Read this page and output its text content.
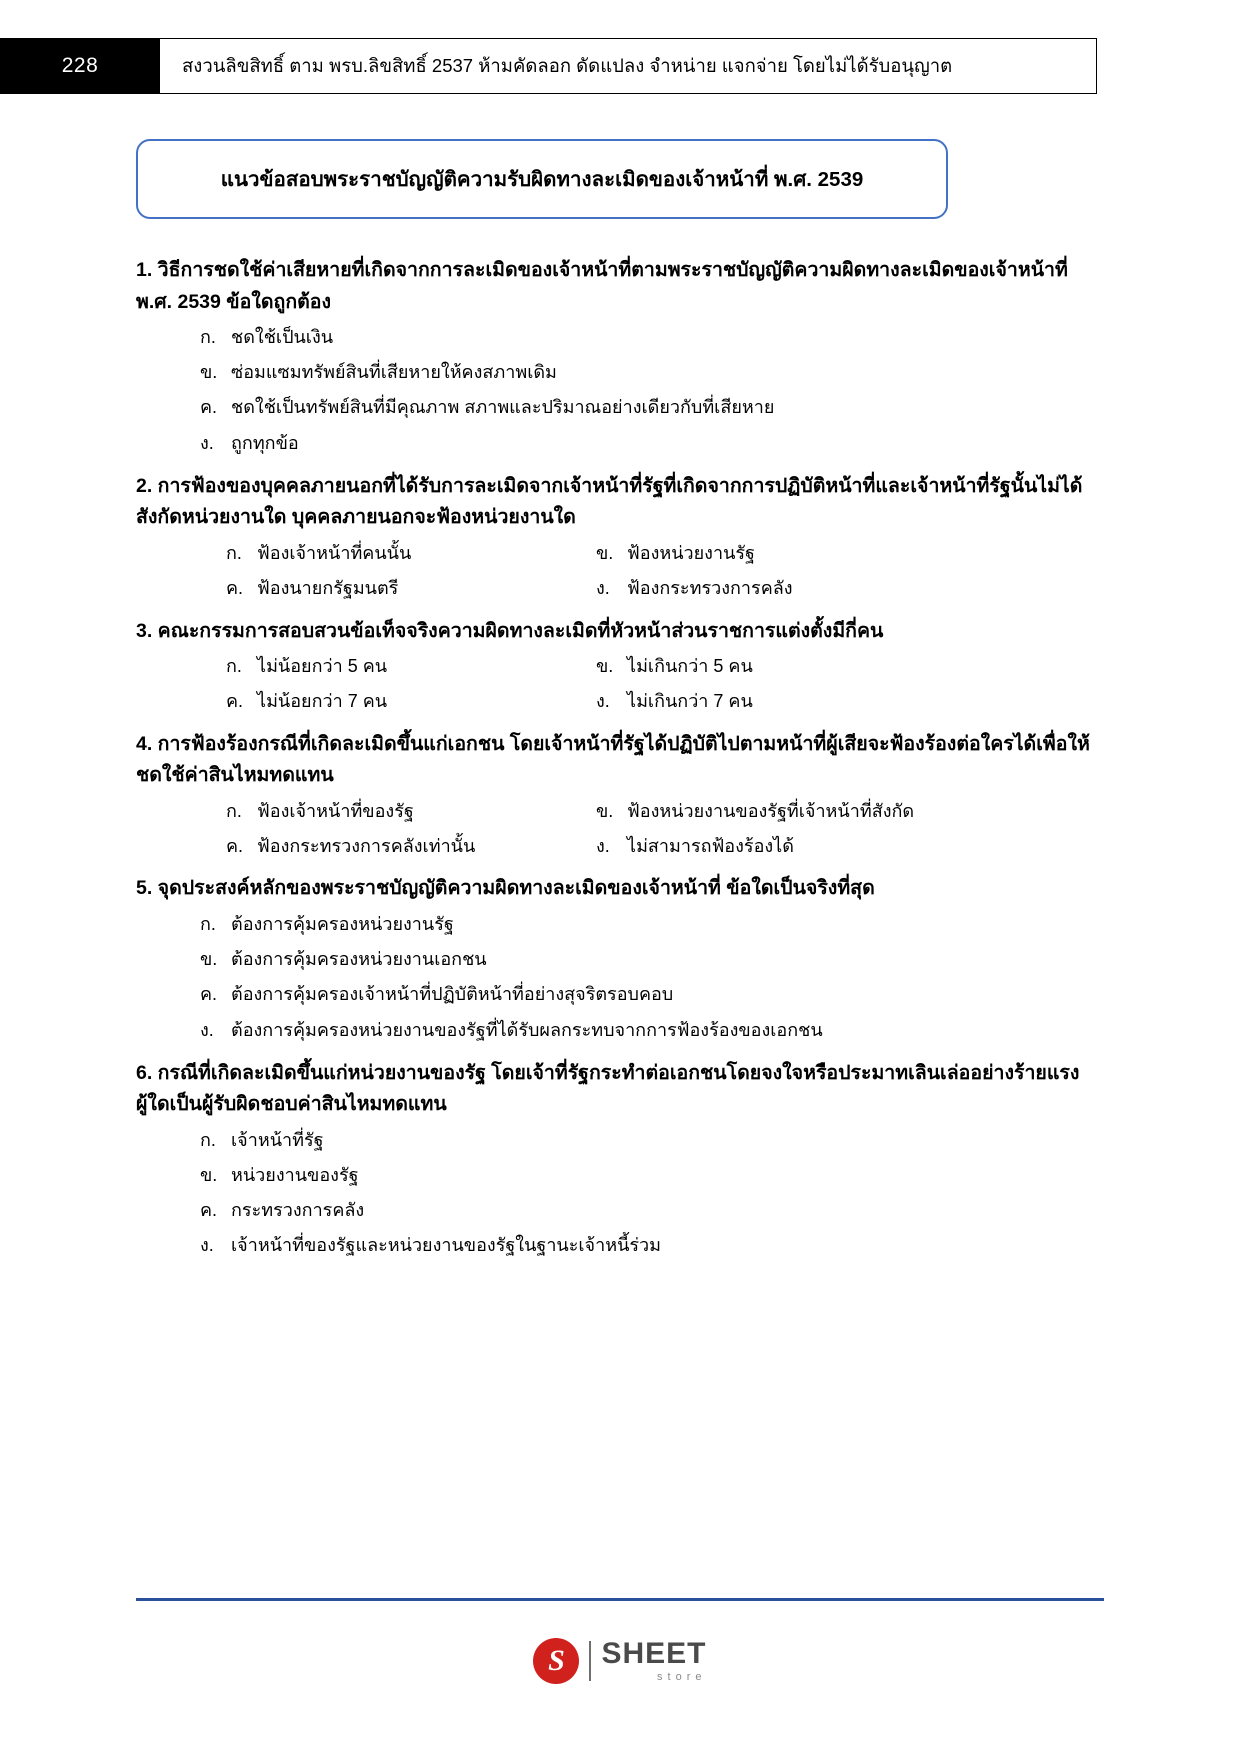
228	สงวนลิขสิทธิ์ ตาม พรบ.ลิขสิทธิ์ 2537 ห้ามคัดลอก ดัดแปลง จำหน่าย แจกจ่าย โดยไม่ได้รับอนุญาต
แนวข้อสอบพระราชบัญญัติความรับผิดทางละเมิดของเจ้าหน้าที่ พ.ศ. 2539

1. วิธีการชดใช้ค่าเสียหายที่เกิดจากการละเมิดของเจ้าหน้าที่ตามพระราชบัญญัติความผิดทางละเมิดของเจ้าหน้าที่ พ.ศ. 2539 ข้อใดถูกต้อง

ก. ชดใช้เป็นเงิน
ข. ซ่อมแซมทรัพย์สินที่เสียหายให้คงสภาพเดิม
ค. ชดใช้เป็นทรัพย์สินที่มีคุณภาพ สภาพและปริมาณอย่างเดียวกับที่เสียหาย
ง. ถูกทุกข้อ

2. การฟ้องของบุคคลภายนอกที่ได้รับการละเมิดจากเจ้าหน้าที่รัฐที่เกิดจากการปฏิบัติหน้าที่และเจ้าหน้าที่รัฐนั้นไม่ได้สังกัดหน่วยงานใด บุคคลภายนอกจะฟ้องหน่วยงานใด

ก. ฟ้องเจ้าหน้าที่คนนั้น	ข. ฟ้องหน่วยงานรัฐ
ค. ฟ้องนายกรัฐมนตรี	ง. ฟ้องกระทรวงการคลัง

3. คณะกรรมการสอบสวนข้อเท็จจริงความผิดทางละเมิดที่หัวหน้าส่วนราชการแต่งตั้งมีกี่คน

ก. ไม่น้อยกว่า 5 คน	ข. ไม่เกินกว่า 5 คน
ค. ไม่น้อยกว่า 7 คน	ง. ไม่เกินกว่า 7 คน

4. การฟ้องร้องกรณีที่เกิดละเมิดขึ้นแก่เอกชน โดยเจ้าหน้าที่รัฐได้ปฏิบัติไปตามหน้าที่ผู้เสียจะฟ้องร้องต่อใครได้เพื่อให้ชดใช้ค่าสินไหมทดแทน

ก. ฟ้องเจ้าหน้าที่ของรัฐ	ข. ฟ้องหน่วยงานของรัฐที่เจ้าหน้าที่สังกัด
ค. ฟ้องกระทรวงการคลังเท่านั้น	ง. ไม่สามารถฟ้องร้องได้

5. จุดประสงค์หลักของพระราชบัญญัติความผิดทางละเมิดของเจ้าหน้าที่ ข้อใดเป็นจริงที่สุด

ก. ต้องการคุ้มครองหน่วยงานรัฐ
ข. ต้องการคุ้มครองหน่วยงานเอกชน
ค. ต้องการคุ้มครองเจ้าหน้าที่ปฏิบัติหน้าที่อย่างสุจริตรอบคอบ
ง. ต้องการคุ้มครองหน่วยงานของรัฐที่ได้รับผลกระทบจากการฟ้องร้องของเอกชน

6. กรณีที่เกิดละเมิดขึ้นแก่หน่วยงานของรัฐ โดยเจ้าที่รัฐกระทำต่อเอกชนโดยจงใจหรือประมาทเลินเล่ออย่างร้ายแรง ผู้ใดเป็นผู้รับผิดชอบค่าสินไหมทดแทน

ก. เจ้าหน้าที่รัฐ
ข. หน่วยงานของรัฐ
ค. กระทรวงการคลัง
ง. เจ้าหน้าที่ของรัฐและหน่วยงานของรัฐในฐานะเจ้าหนี้ร่วม
S	SHEET
store
